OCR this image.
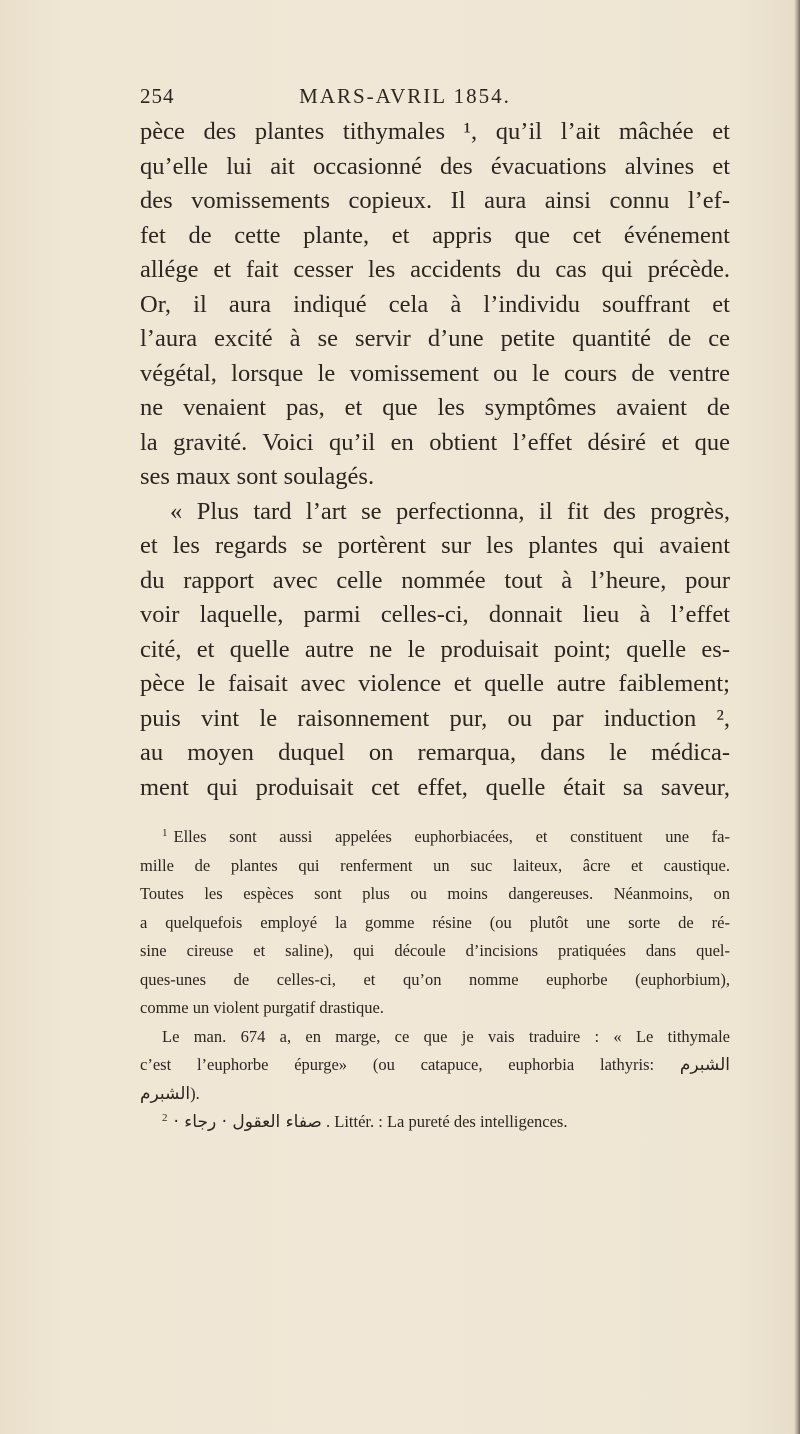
254	MARS-AVRIL 1854.
pèce des plantes tithymales ¹, qu’il l’ait mâchée et
qu’elle lui ait occasionné des évacuations alvines et
des vomissements copieux. Il aura ainsi connu l’ef-
fet de cette plante, et appris que cet événement
allége et fait cesser les accidents du cas qui précède.
Or, il aura indiqué cela à l’individu souffrant et
l’aura excité à se servir d’une petite quantité de ce
végétal, lorsque le vomissement ou le cours de ventre
ne venaient pas, et que les symptômes avaient de
la gravité. Voici qu’il en obtient l’effet désiré et que
ses maux sont soulagés.
« Plus tard l’art se perfectionna, il fit des progrès,
et les regards se portèrent sur les plantes qui avaient
du rapport avec celle nommée tout à l’heure, pour
voir laquelle, parmi celles-ci, donnait lieu à l’effet
cité, et quelle autre ne le produisait point; quelle es-
pèce le faisait avec violence et quelle autre faiblement;
puis vint le raisonnement pur, ou par induction ²,
au moyen duquel on remarqua, dans le médica-
ment qui produisait cet effet, quelle était sa saveur,
$^1$ Elles sont aussi appelées euphorbiacées, et constituent une fa-
mille de plantes qui renferment un suc laiteux, âcre et caustique.
Toutes les espèces sont plus ou moins dangereuses. Néanmoins, on
a quelquefois employé la gomme résine (ou plutôt une sorte de ré-
sine cireuse et saline), qui découle d’incisions pratiquées dans quel-
ques-unes de celles-ci, et qu’on nomme euphorbe (euphorbium),
comme un violent purgatif drastique.
Le man. 674 a, en marge, ce que je vais traduire : « Le tithymale
c’est l’euphorbe épurge» (ou catapuce, euphorbia lathyris: الشبرم
الشبرم).
$^2$ صفاء العقول · رجاء · . Littér. : La pureté des intelligences.
